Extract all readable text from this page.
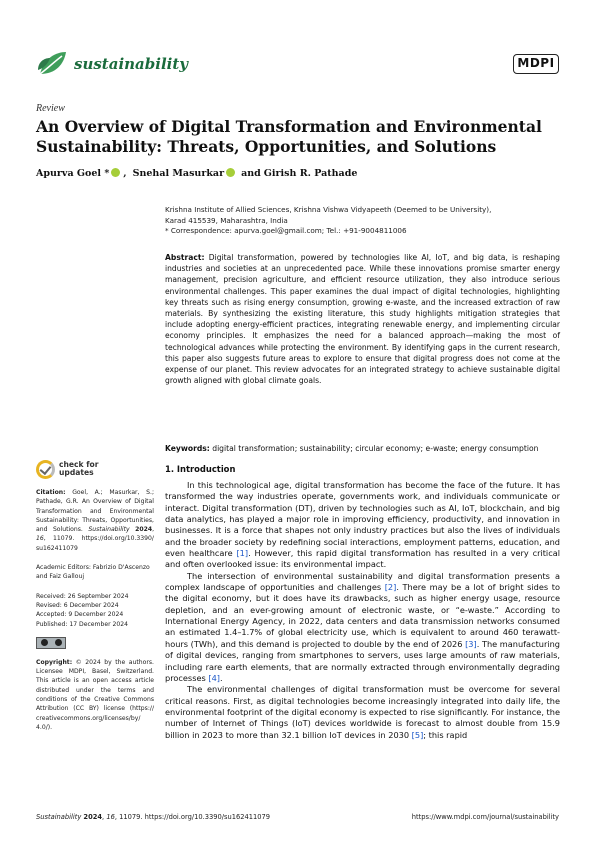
sustainability	MDPI
Review
An Overview of Digital Transformation and Environmental Sustainability: Threats, Opportunities, and Solutions
Apurva Goel * , Snehal Masurkar and Girish R. Pathade
Krishna Institute of Allied Sciences, Krishna Vishwa Vidyapeeth (Deemed to be University),
Karad 415539, Maharashtra, India
* Correspondence: apurva.goel@gmail.com; Tel.: +91-9004811006
Abstract: Digital transformation, powered by technologies like AI, IoT, and big data, is reshaping industries and societies at an unprecedented pace. While these innovations promise smarter energy management, precision agriculture, and efficient resource utilization, they also introduce serious environmental challenges. This paper examines the dual impact of digital technologies, highlighting key threats such as rising energy consumption, growing e-waste, and the increased extraction of raw materials. By synthesizing the existing literature, this study highlights mitigation strategies that include adopting energy-efficient practices, integrating renewable energy, and implementing circular economy principles. It emphasizes the need for a balanced approach—making the most of technological advances while protecting the environment. By identifying gaps in the current research, this paper also suggests future areas to explore to ensure that digital progress does not come at the expense of our planet. This review advocates for an integrated strategy to achieve sustainable digital growth aligned with global climate goals.
Keywords: digital transformation; sustainability; circular economy; e-waste; energy consumption
check for
updates
Citation: Goel, A.; Masurkar, S.; Pathade, G.R. An Overview of Digital Transformation and Environmental Sustainability: Threats, Opportunities, and Solutions. Sustainability 2024, 16, 11079. https://doi.org/10.3390/ su162411079
Academic Editors: Fabrizio D'Ascenzo and Faiz Gallouj
Received: 26 September 2024
Revised: 6 December 2024
Accepted: 9 December 2024
Published: 17 December 2024
Copyright: © 2024 by the authors. Licensee MDPI, Basel, Switzerland. This article is an open access article distributed under the terms and conditions of the Creative Commons Attribution (CC BY) license (https:// creativecommons.org/licenses/by/ 4.0/).
1. Introduction

In this technological age, digital transformation has become the face of the future. It has transformed the way industries operate, governments work, and individuals communicate or interact. Digital transformation (DT), driven by technologies such as AI, IoT, blockchain, and big data analytics, has played a major role in improving efficiency, productivity, and innovation in businesses. It is a force that shapes not only industry practices but also the lives of individuals and the broader society by redefining social interactions, employment patterns, education, and even healthcare [1]. However, this rapid digital transformation has resulted in a very critical and often overlooked issue: its environmental impact.

The intersection of environmental sustainability and digital transformation presents a complex landscape of opportunities and challenges [2]. There may be a lot of bright sides to the digital economy, but it does have its drawbacks, such as higher energy usage, resource depletion, and an ever-growing amount of electronic waste, or “e-waste.” According to International Energy Agency, in 2022, data centers and data transmission networks consumed an estimated 1.4–1.7% of global electricity use, which is equivalent to around 460 terawatt-hours (TWh), and this demand is projected to double by the end of 2026 [3]. The manufacturing of digital devices, ranging from smartphones to servers, uses large amounts of raw materials, including rare earth elements, that are normally extracted through environmentally degrading processes [4].

The environmental challenges of digital transformation must be overcome for several critical reasons. First, as digital technologies become increasingly integrated into daily life, the environmental footprint of the digital economy is expected to rise significantly. For instance, the number of Internet of Things (IoT) devices worldwide is forecast to almost double from 15.9 billion in 2023 to more than 32.1 billion IoT devices in 2030 [5]; this rapid

Sustainability 2024, 16, 11079. https://doi.org/10.3390/su162411079	https://www.mdpi.com/journal/sustainability
